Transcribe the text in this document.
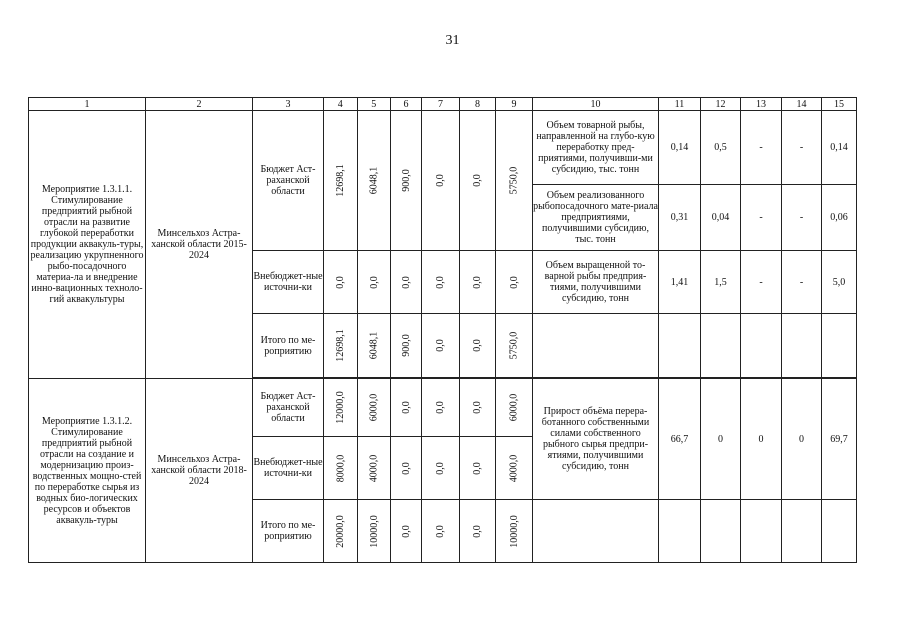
31
1	2	3	4	5	6	7	8	9	10	11	12	13	14	15
Мероприятие 1.3.1.1. Стимулирование предприятий рыбной отрасли на развитие глубокой переработки продукции аквакуль-туры, реализацию укрупненного рыбо-посадочного материа-ла и внедрение инно-вационных техноло-гий аквакультуры	Минсельхоз Астра-ханской области 2015-2024	Бюджет Аст-раханской области	12698,1	6048,1	900,0	0,0	0,0	5750,0	Объем товарной рыбы, направленной на глубо-кую переработку пред-приятиями, получивши-ми субсидию, тыс. тонн	0,14	0,5	-	-	0,14
									Объем реализованного рыбопосадочного мате-риала предприятиями, получившими субсидию, тыс. тонн	0,31	0,04	-	-	0,06
		Внебюджет-ные источни-ки	0,0	0,0	0,0	0,0	0,0	0,0	Объем выращенной то-варной рыбы предприя-тиями, получившими субсидию, тонн	1,41	1,5	-	-	5,0
		Итого по ме-роприятию	12698,1	6048,1	900,0	0,0	0,0	5750,0						

Мероприятие 1.3.1.2. Стимулирование предприятий рыбной отрасли на создание и модернизацию произ-водственных мощно-стей по переработке сырья из водных био-логических ресурсов и объектов аквакуль-туры	Минсельхоз Астра-ханской области 2018-2024	Бюджет Аст-раханской области	12000,0	6000,0	0,0	0,0	0,0	6000,0	Прирост объёма перера-ботанного собственными силами собственного рыбного сырья предпри-ятиями, получившими субсидию, тонн	66,7	0	0	0	69,7
		Внебюджет-ные источни-ки	8000,0	4000,0	0,0	0,0	0,0	4000,0						
		Итого по ме-роприятию	20000,0	10000,0	0,0	0,0	0,0	10000,0						
